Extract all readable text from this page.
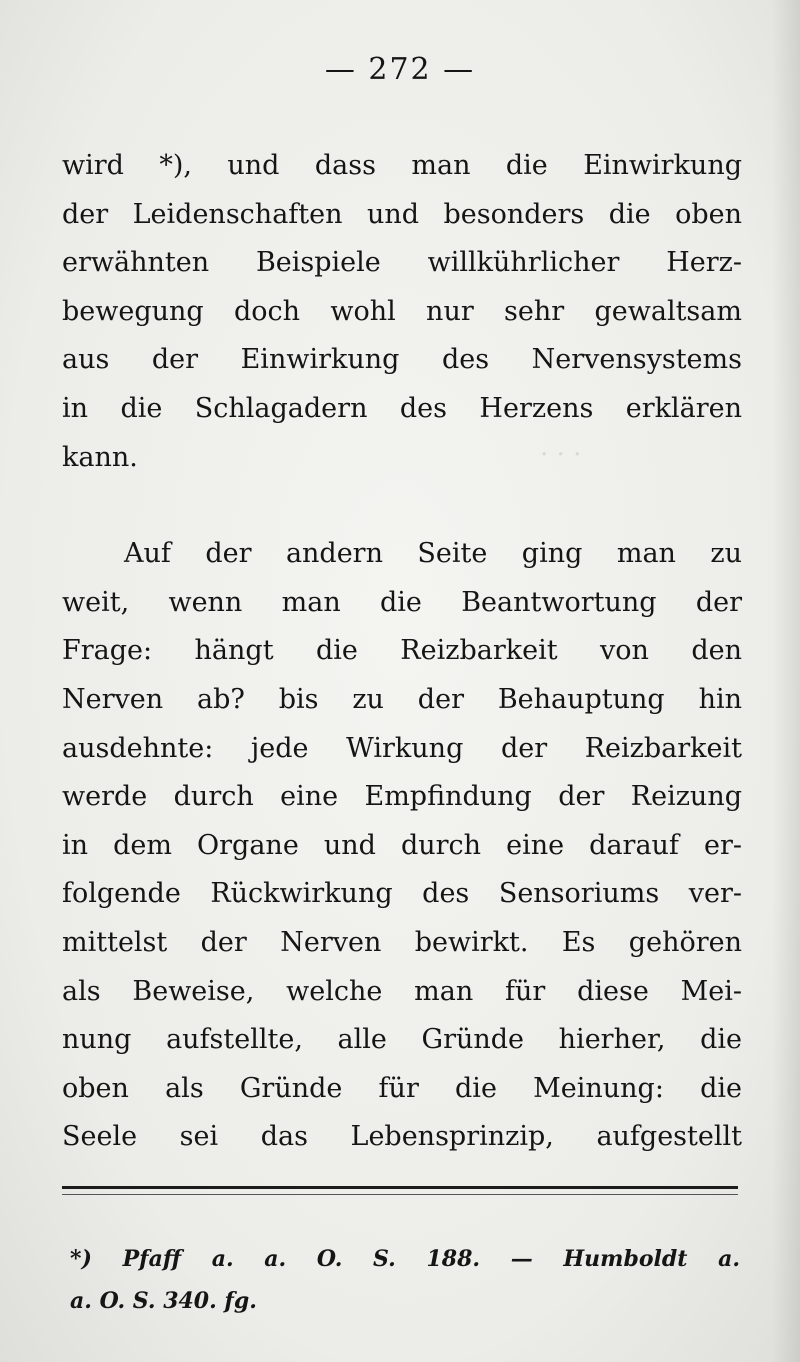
· · ·
— 272 —
wird *), und dass man die Einwirkung
der Leidenschaften und besonders die oben
erwähnten Beispiele willkührlicher Herz-
bewegung doch wohl nur sehr gewaltsam
aus der Einwirkung des Nervensystems
in die Schlagadern des Herzens erklären
kann.
Auf der andern Seite ging man zu
weit, wenn man die Beantwortung der
Frage: hängt die Reizbarkeit von den
Nerven ab? bis zu der Behauptung hin
ausdehnte: jede Wirkung der Reizbarkeit
werde durch eine Empfindung der Reizung
in dem Organe und durch eine darauf er-
folgende Rückwirkung des Sensoriums ver-
mittelst der Nerven bewirkt. Es gehören
als Beweise, welche man für diese Mei-
nung aufstellte, alle Gründe hierher, die
oben als Gründe für die Meinung: die
Seele sei das Lebensprinzip, aufgestellt
*) Pfaff a. a. O. S. 188. — Humboldt a.
a. O. S. 340. fg.
